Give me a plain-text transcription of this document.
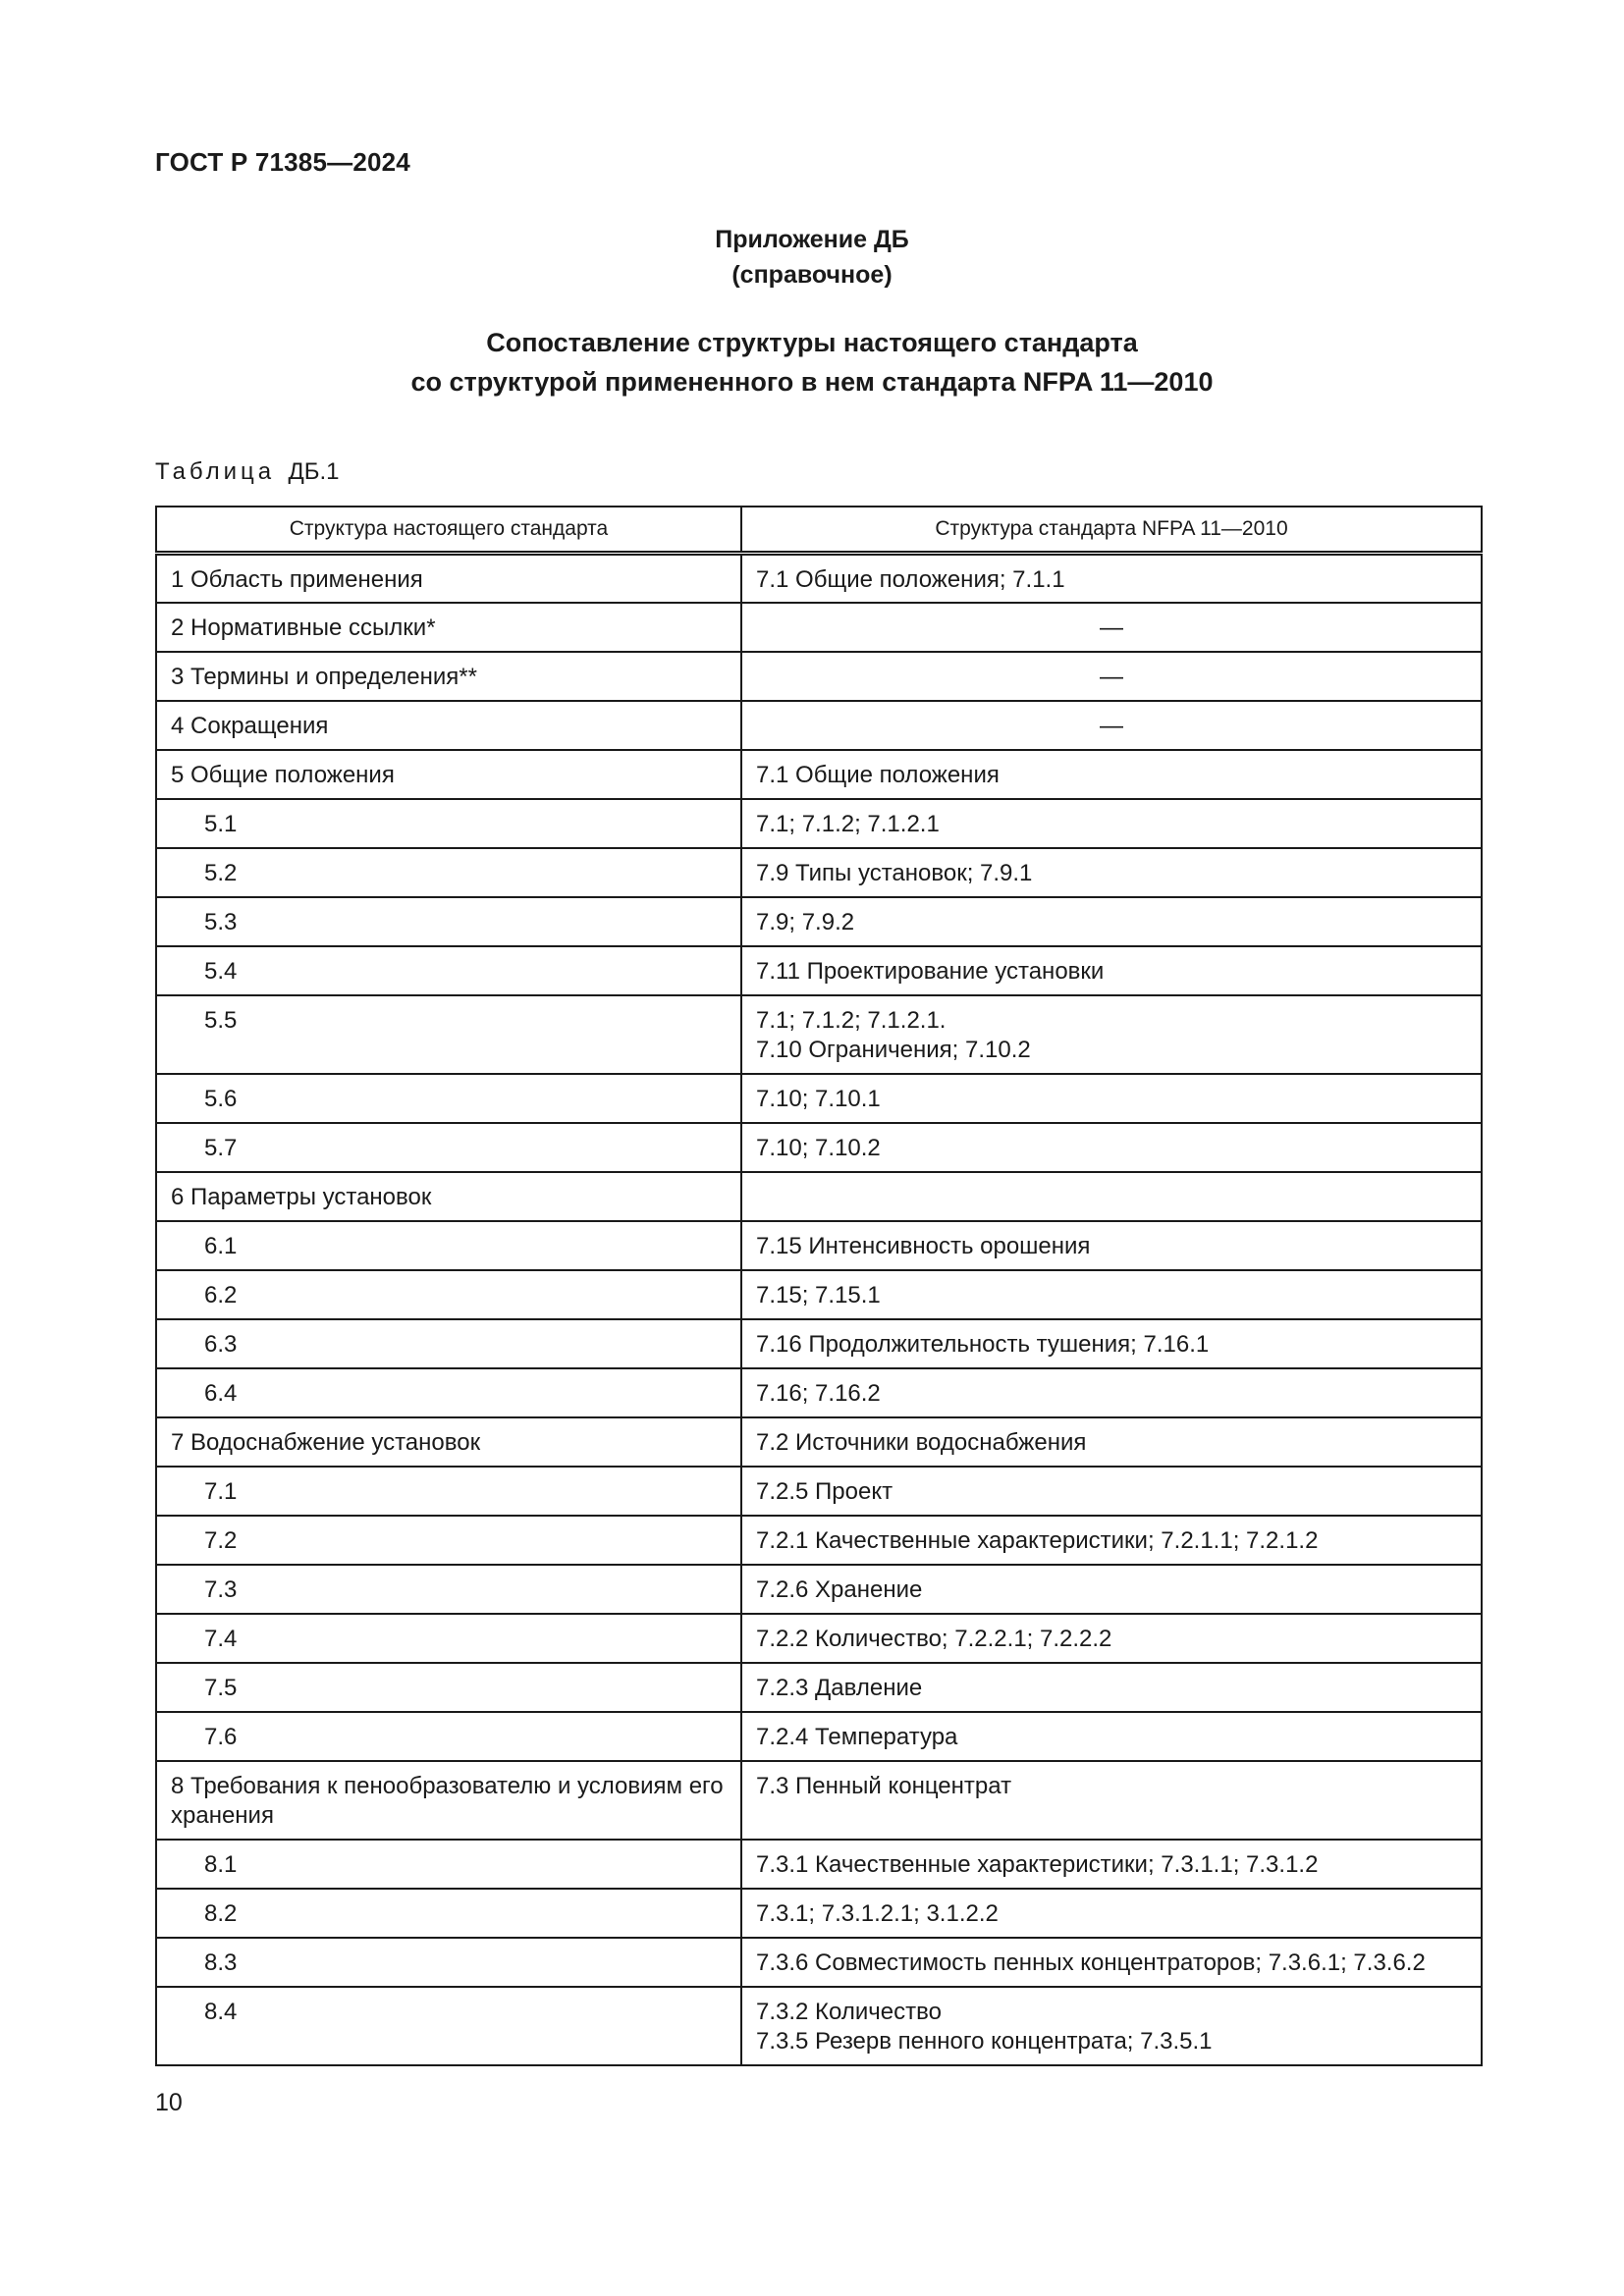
ГОСТ Р 71385—2024
Приложение ДБ
(справочное)
Сопоставление структуры настоящего стандарта
со структурой примененного в нем стандарта NFPA 11—2010
Таблица ДБ.1
Структура настоящего стандарта	Структура стандарта NFPA 11—2010
1 Область применения	7.1 Общие положения; 7.1.1

2 Нормативные ссылки*	—

3 Термины и определения**	—

4 Сокращения	—

5 Общие положения	7.1 Общие положения

5.1	7.1; 7.1.2; 7.1.2.1

5.2	7.9 Типы установок; 7.9.1

5.3	7.9; 7.9.2

5.4	7.11 Проектирование установки

5.5	7.1; 7.1.2; 7.1.2.1.
7.10 Ограничения; 7.10.2

5.6	7.10; 7.10.1

5.7	7.10; 7.10.2

6 Параметры установок	

6.1	7.15 Интенсивность орошения

6.2	7.15; 7.15.1

6.3	7.16 Продолжительность тушения; 7.16.1

6.4	7.16; 7.16.2

7 Водоснабжение установок	7.2 Источники водоснабжения

7.1	7.2.5 Проект

7.2	7.2.1 Качественные характеристики; 7.2.1.1; 7.2.1.2

7.3	7.2.6 Хранение

7.4	7.2.2 Количество; 7.2.2.1; 7.2.2.2

7.5	7.2.3 Давление

7.6	7.2.4 Температура

8 Требования к пенообразователю и условиям его хранения	7.3 Пенный концентрат

8.1	7.3.1 Качественные характеристики; 7.3.1.1; 7.3.1.2

8.2	7.3.1; 7.3.1.2.1; 3.1.2.2

8.3	7.3.6 Совместимость пенных концентраторов; 7.3.6.1; 7.3.6.2

8.4	7.3.2 Количество
7.3.5 Резерв пенного концентрата; 7.3.5.1
10
